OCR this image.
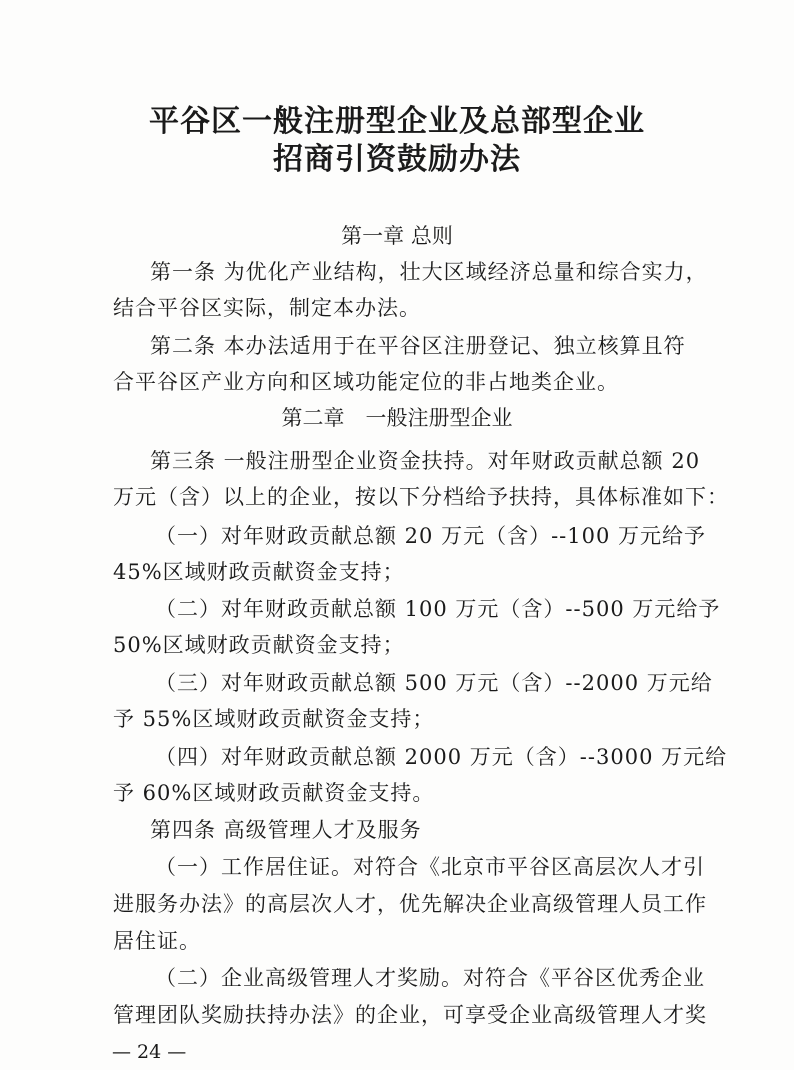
平谷区一般注册型企业及总部型企业
招商引资鼓励办法
第一章 总则
第一条 为优化产业结构，壮大区域经济总量和综合实力，
结合平谷区实际，制定本办法。
第二条 本办法适用于在平谷区注册登记、独立核算且符
合平谷区产业方向和区域功能定位的非占地类企业。
第二章　一般注册型企业
第三条 一般注册型企业资金扶持。对年财政贡献总额 20
万元（含）以上的企业，按以下分档给予扶持，具体标准如下：
（一）对年财政贡献总额 20 万元（含）--100 万元给予
45%区域财政贡献资金支持；
（二）对年财政贡献总额 100 万元（含）--500 万元给予
50%区域财政贡献资金支持；
（三）对年财政贡献总额 500 万元（含）--2000 万元给
予 55%区域财政贡献资金支持；
（四）对年财政贡献总额 2000 万元（含）--3000 万元给
予 60%区域财政贡献资金支持。
第四条 高级管理人才及服务
（一）工作居住证。对符合《北京市平谷区高层次人才引
进服务办法》的高层次人才，优先解决企业高级管理人员工作
居住证。
（二）企业高级管理人才奖励。对符合《平谷区优秀企业
管理团队奖励扶持办法》的企业，可享受企业高级管理人才奖
— 24 —
